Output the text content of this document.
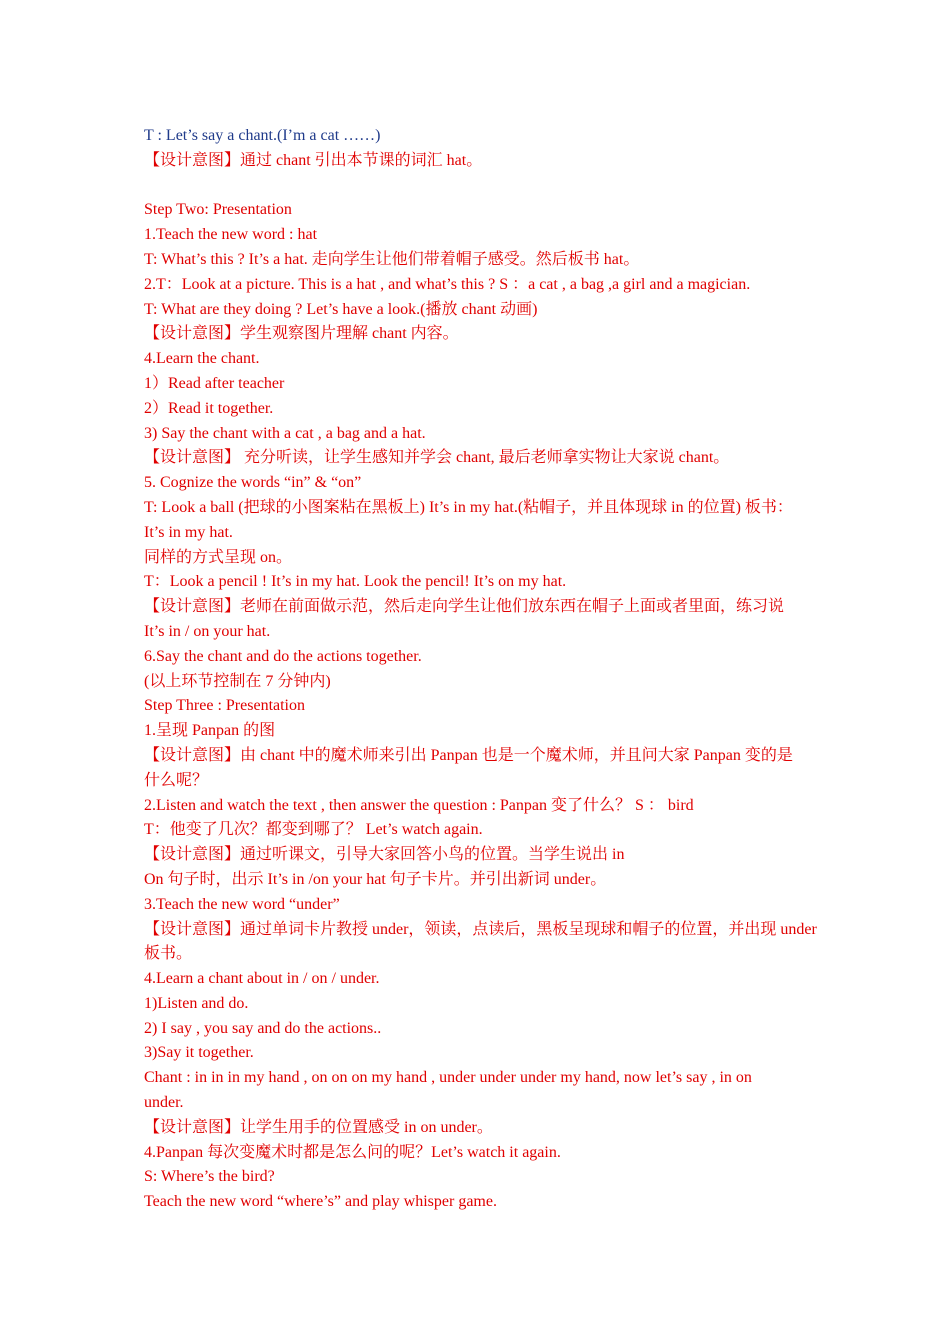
T : Let’s say a chant.(I’m a cat ……)

【设计意图】通过 chant 引出本节课的词汇 hat。

Step Two: Presentation

1.Teach the new word : hat

T: What’s this ? It’s a hat. 走向学生让他们带着帽子感受。然后板书 hat。

2.T：Look at a picture. This is a hat , and what’s this ? S ：a cat , a bag ,a girl and a magician.

T: What are they doing ? Let’s have a look.(播放 chant 动画)

【设计意图】学生观察图片理解 chant 内容。

4.Learn the chant.

1）Read after teacher

2）Read it together.

3) Say the chant with a cat , a bag and a hat.

【设计意图】 充分听读，让学生感知并学会 chant, 最后老师拿实物让大家说 chant。

5. Cognize the words “in” & “on”

T: Look a ball (把球的小图案粘在黑板上) It’s in my hat.(粘帽子，并且体现球 in 的位置) 板书：

It’s in my hat.

同样的方式呈现 on。

T：Look a pencil ! It’s in my hat. Look the pencil! It’s on my hat.

【设计意图】老师在前面做示范，然后走向学生让他们放东西在帽子上面或者里面，练习说

It’s in / on your hat.

6.Say the chant and do the actions together.

(以上环节控制在 7 分钟内)

Step Three : Presentation

1.呈现 Panpan 的图

【设计意图】由 chant 中的魔术师来引出 Panpan 也是一个魔术师，并且问大家 Panpan 变的是

什么呢？

2.Listen and watch the text , then answer the question : Panpan 变了什么？ S ： bird

T：他变了几次？都变到哪了？ Let’s watch again.

【设计意图】通过听课文，引导大家回答小鸟的位置。当学生说出 in

On 句子时，出示 It’s in /on your hat 句子卡片。并引出新词 under。

3.Teach the new word “under”

【设计意图】通过单词卡片教授 under，领读，点读后，黑板呈现球和帽子的位置，并出现 under

板书。

4.Learn a chant about in / on / under.

1)Listen and do.

2) I say , you say and do the actions..

3)Say it together.

Chant : in in in my hand , on on on my hand , under under under my hand, now let’s say , in on

under.

【设计意图】让学生用手的位置感受 in on under。

4.Panpan 每次变魔术时都是怎么问的呢？Let’s watch it again.

S: Where’s the bird?

Teach the new word “where’s” and play whisper game.
